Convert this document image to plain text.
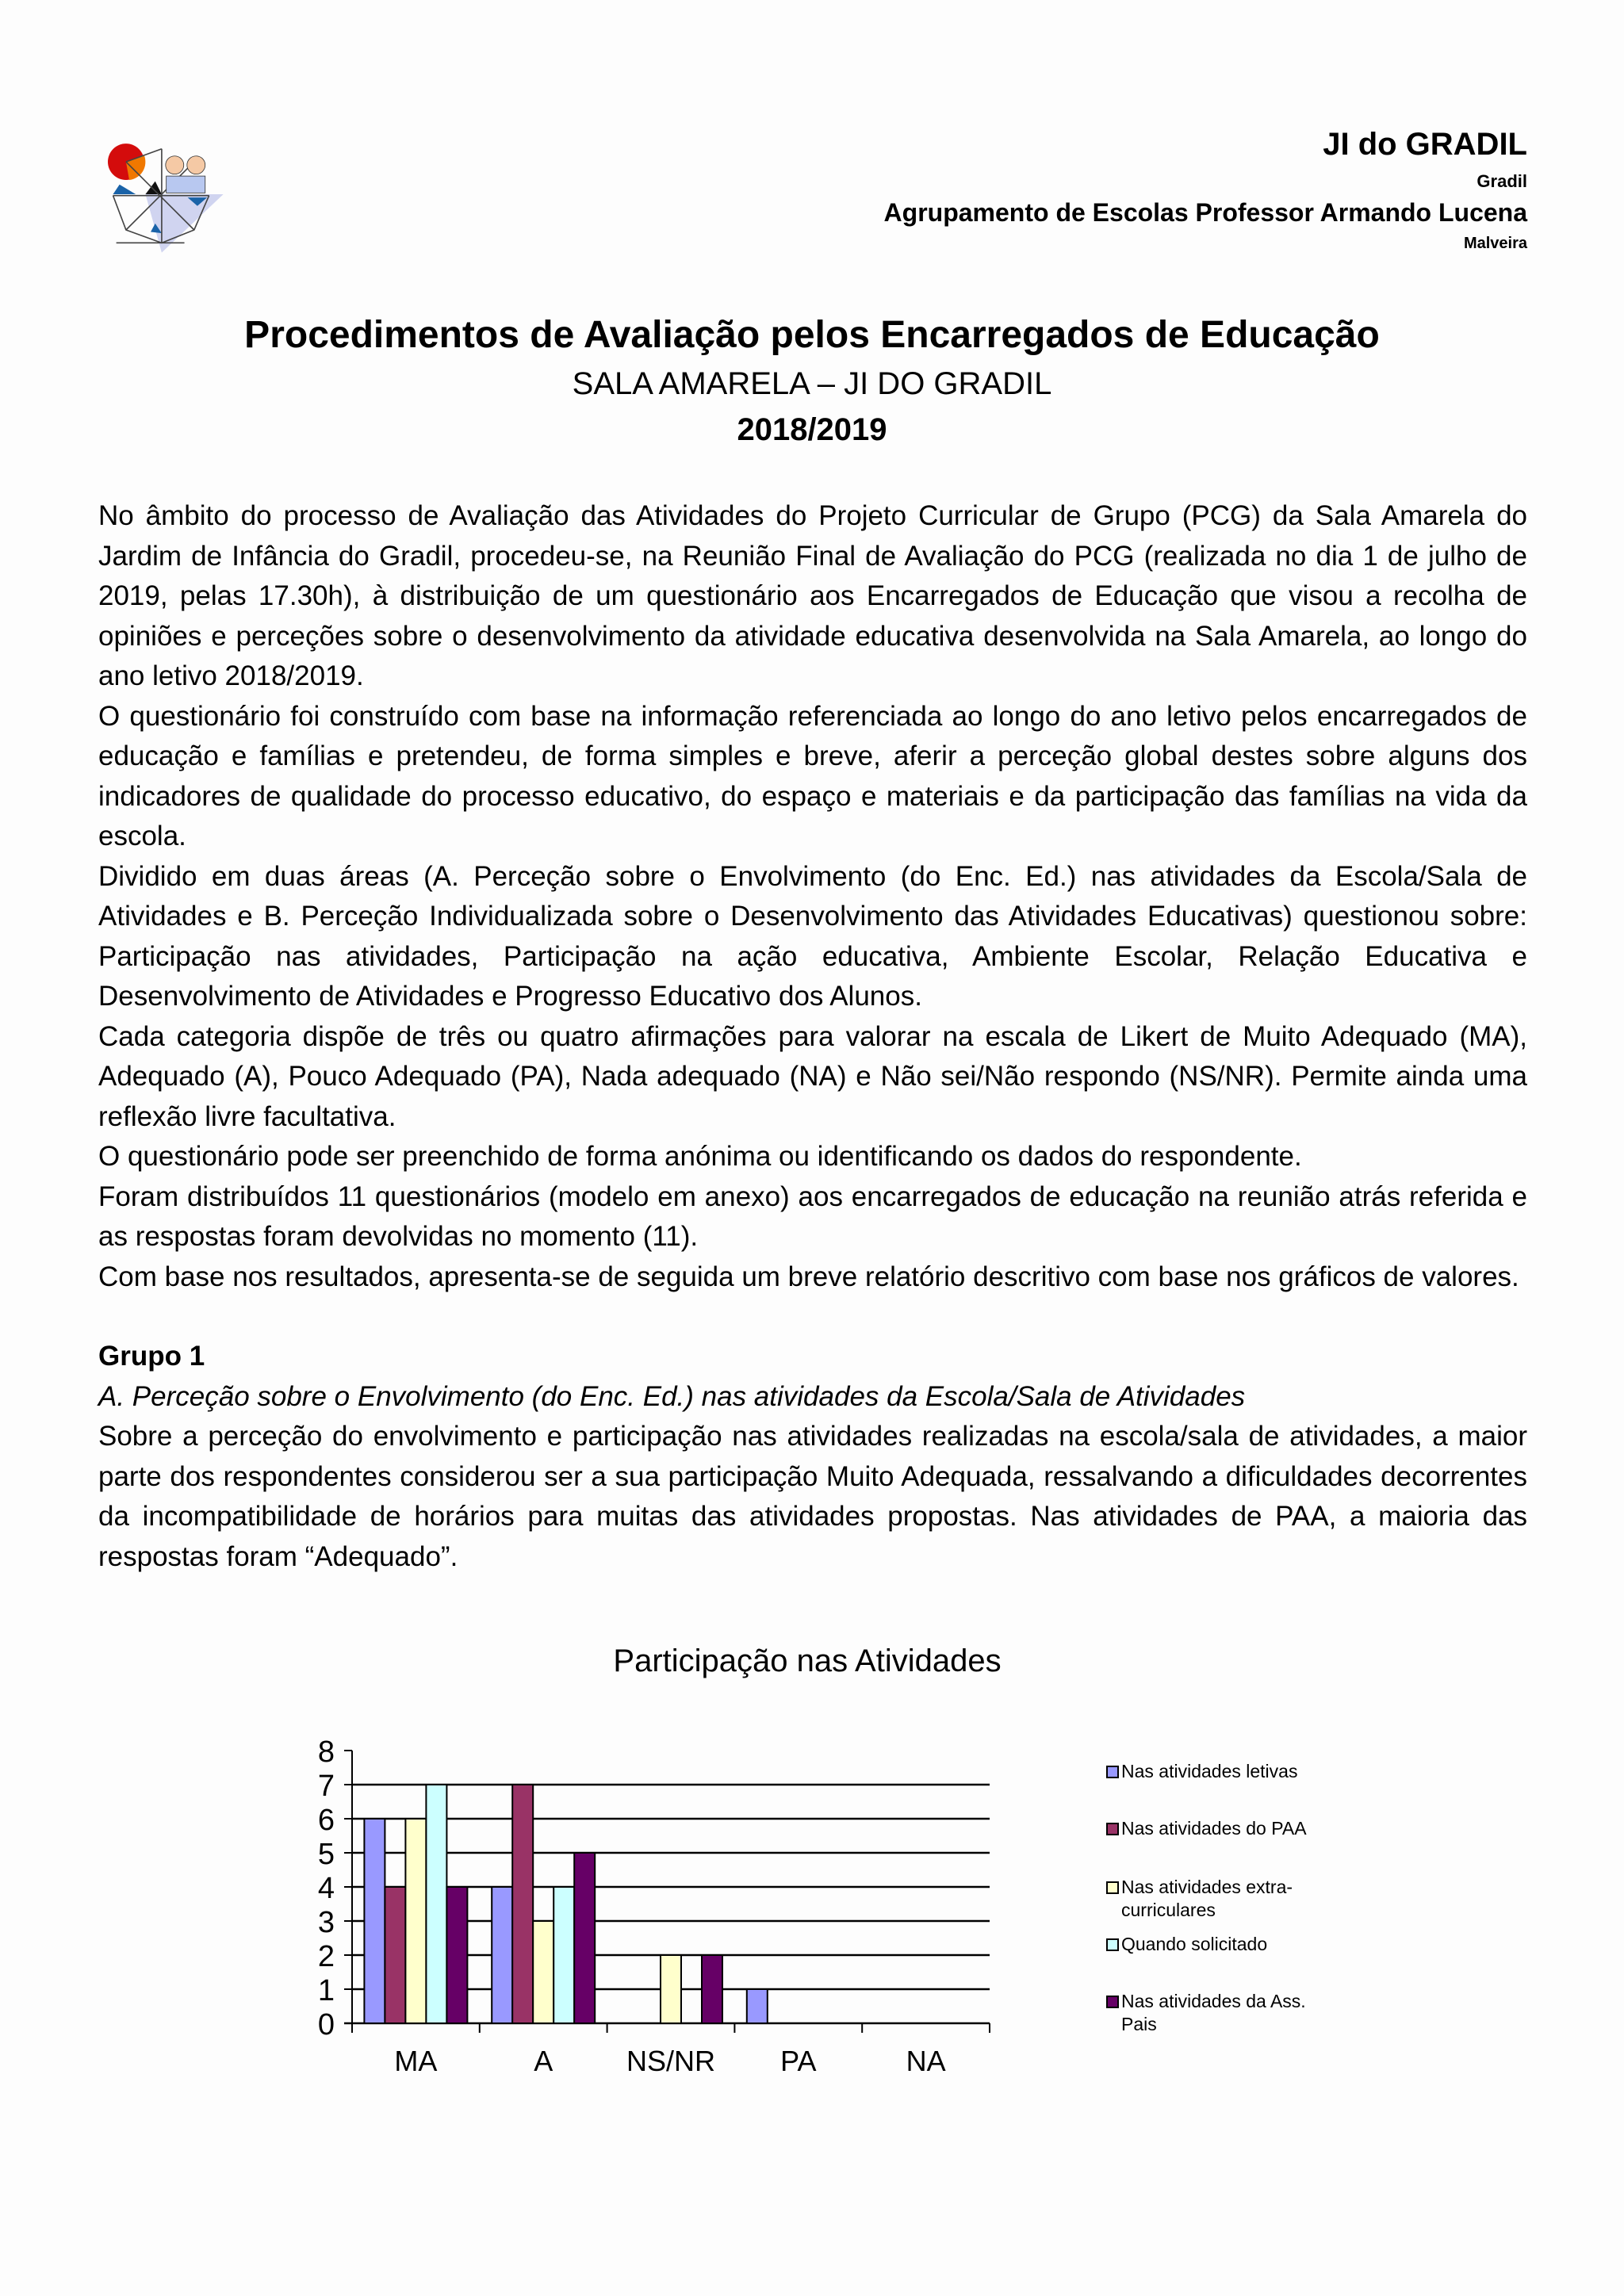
JI do GRADIL
Gradil
Agrupamento de Escolas Professor Armando Lucena
Malveira
Procedimentos de Avaliação pelos Encarregados de Educação
SALA AMARELA – JI DO GRADIL
2018/2019

No âmbito do processo de Avaliação das Atividades do Projeto Curricular de Grupo (PCG) da Sala Amarela do Jardim de Infância do Gradil, procedeu-se, na Reunião Final de Avaliação do PCG (realizada no dia 1 de julho de 2019, pelas 17.30h), à distribuição de um questionário aos Encarregados de Educação que visou a recolha de opiniões e perceções sobre o desenvolvimento da atividade educativa desenvolvida na Sala Amarela, ao longo do ano letivo 2018/2019.

O questionário foi construído com base na informação referenciada ao longo do ano letivo pelos encarregados de educação e famílias e pretendeu, de forma simples e breve, aferir a perceção global destes sobre alguns dos indicadores de qualidade do processo educativo, do espaço e materiais e da participação das famílias na vida da escola.

Dividido em duas áreas (A. Perceção sobre o Envolvimento (do Enc. Ed.) nas atividades da Escola/Sala de Atividades e B. Perceção Individualizada sobre o Desenvolvimento das Atividades Educativas) questionou sobre: Participação nas atividades, Participação na ação educativa, Ambiente Escolar, Relação Educativa e Desenvolvimento de Atividades e Progresso Educativo dos Alunos.

Cada categoria dispõe de três ou quatro afirmações para valorar na escala de Likert de Muito Adequado (MA), Adequado (A), Pouco Adequado (PA), Nada adequado (NA) e Não sei/Não respondo (NS/NR). Permite ainda uma reflexão livre facultativa.

O questionário pode ser preenchido de forma anónima ou identificando os dados do respondente.

Foram distribuídos 11 questionários (modelo em anexo) aos encarregados de educação na reunião atrás referida e as respostas foram devolvidas no momento (11).

Com base nos resultados, apresenta-se de seguida um breve relatório descritivo com base nos gráficos de valores.

Grupo 1

A. Perceção sobre o Envolvimento (do Enc. Ed.) nas atividades da Escola/Sala de Atividades

Sobre a perceção do envolvimento e participação nas atividades realizadas na escola/sala de atividades, a maior parte dos respondentes considerou ser a sua participação Muito Adequada, ressalvando a dificuldades decorrentes da incompatibilidade de horários para muitas das atividades propostas. Nas atividades de PAA, a maioria das respostas foram “Adequado”.

Participação nas Atividades
0
1
2
3
4
5
6
7
8
MA	A	NS/NR PA	NA
Nas atividades letivas
Nas atividades do PAA
Nas atividades extra-curriculares
Quando solicitado
Nas atividades da Ass. Pais
